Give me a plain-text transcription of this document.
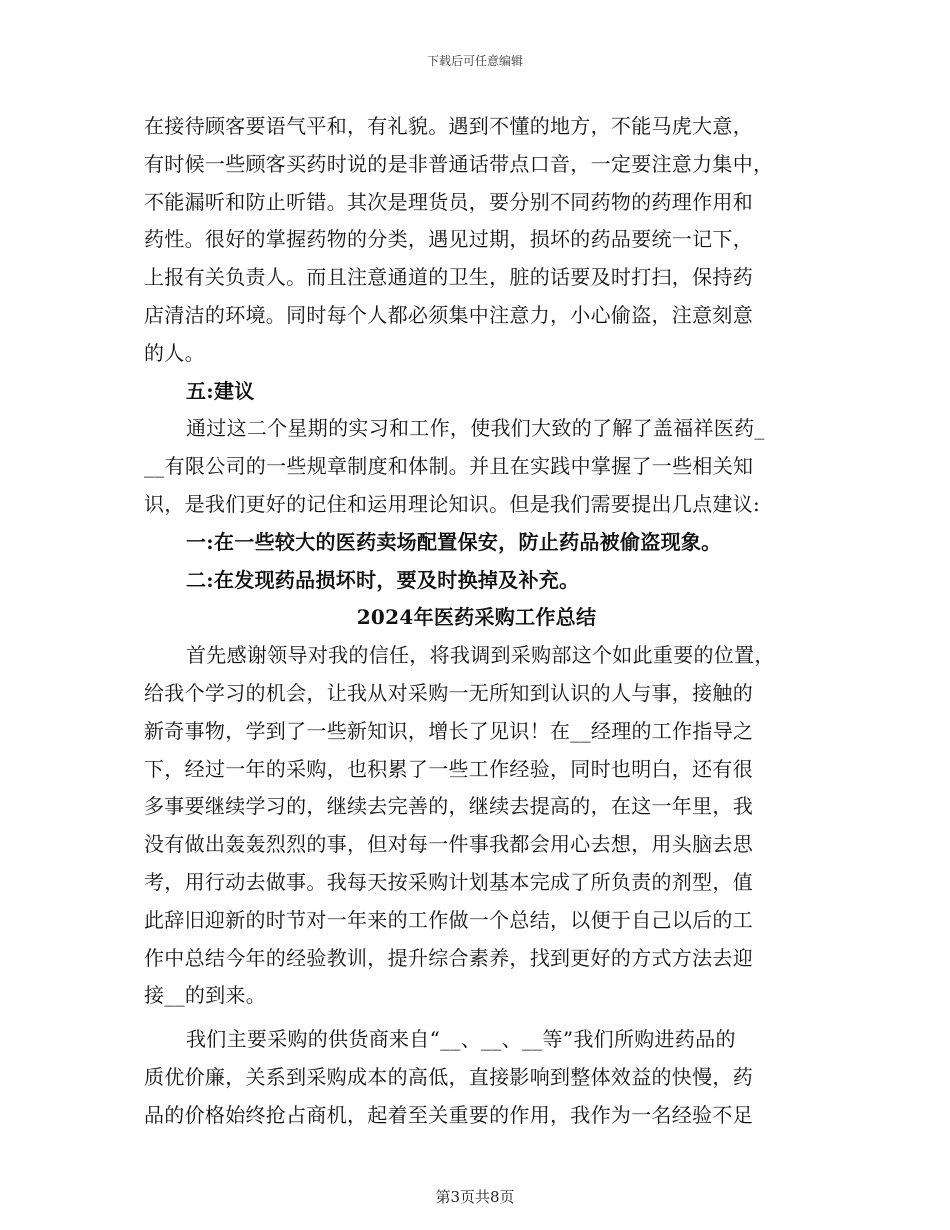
下载后可任意编辑
在接待顾客要语气平和，有礼貌。遇到不懂的地方，不能马虎大意，
有时候一些顾客买药时说的是非普通话带点口音，一定要注意力集中，
不能漏听和防止听错。其次是理货员，要分别不同药物的药理作用和
药性。很好的掌握药物的分类，遇见过期，损坏的药品要统一记下，
上报有关负责人。而且注意通道的卫生，脏的话要及时打扫，保持药
店清洁的环境。同时每个人都必须集中注意力，小心偷盗，注意刻意
的人。
五:建议
通过这二个星期的实习和工作，使我们大致的了解了盖福祥医药_
__有限公司的一些规章制度和体制。并且在实践中掌握了一些相关知
识，是我们更好的记住和运用理论知识。但是我们需要提出几点建议:
一:在一些较大的医药卖场配置保安，防止药品被偷盗现象。
二:在发现药品损坏时，要及时换掉及补充。
2024年医药采购工作总结
首先感谢领导对我的信任，将我调到采购部这个如此重要的位置，
给我个学习的机会，让我从对采购一无所知到认识的人与事，接触的
新奇事物，学到了一些新知识，增长了见识！在__经理的工作指导之
下，经过一年的采购，也积累了一些工作经验，同时也明白，还有很
多事要继续学习的，继续去完善的，继续去提高的，在这一年里，我
没有做出轰轰烈烈的事，但对每一件事我都会用心去想，用头脑去思
考，用行动去做事。我每天按采购计划基本完成了所负责的剂型，值
此辞旧迎新的时节对一年来的工作做一个总结，以便于自己以后的工
作中总结今年的经验教训，提升综合素养，找到更好的方式方法去迎
接__的到来。
我们主要采购的供货商来自“__、__、__等”我们所购进药品的
质优价廉，关系到采购成本的高低，直接影响到整体效益的快慢，药
品的价格始终抢占商机，起着至关重要的作用，我作为一名经验不足
第3页共8页
